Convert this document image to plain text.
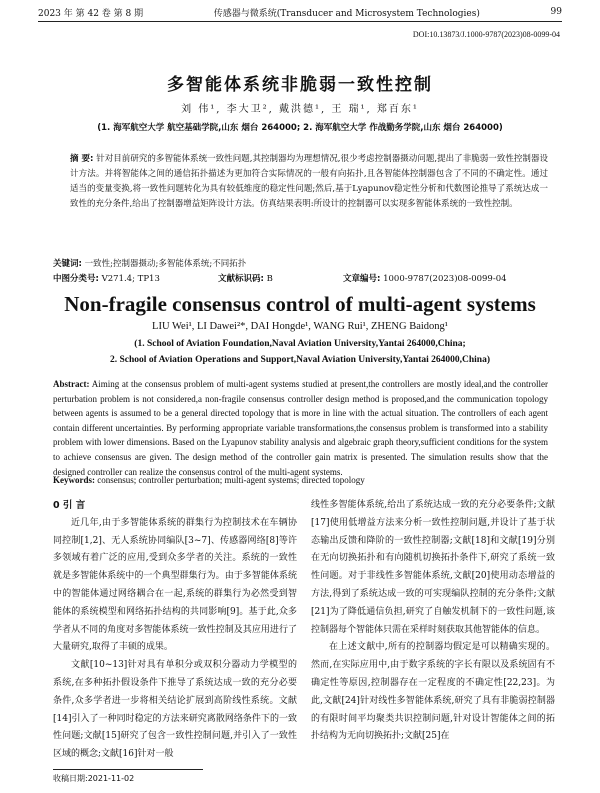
2023 年 第 42 卷 第 8 期	传感器与微系统(Transducer and Microsystem Technologies)	99
DOI:10.13873/J.1000-9787(2023)08-0099-04
多智能体系统非脆弱一致性控制
刘 伟¹, 李大卫², 戴洪德¹, 王 瑞¹, 郑百东¹
(1. 海军航空大学 航空基础学院,山东 烟台 264000; 2. 海军航空大学 作战勤务学院,山东 烟台 264000)
摘 要: 针对目前研究的多智能体系统一致性问题,其控制器均为理想情况,很少考虑控制器摄动问题,提出了非脆弱一致性控制器设计方法。并将智能体之间的通信拓扑描述为更加符合实际情况的一般有向拓扑,且各智能体控制器包含了不同的不确定性。通过适当的变量变换,将一致性问题转化为具有较低维度的稳定性问题;然后,基于Lyapunov稳定性分析和代数图论推导了系统达成一致性的充分条件,给出了控制器增益矩阵设计方法。仿真结果表明:所设计的控制器可以实现多智能体系统的一致性控制。
关键词: 一致性;控制器摄动;多智能体系统;不同拓扑
中图分类号: V271.4; TP13	文献标识码: B	文章编号: 1000-9787(2023)08-0099-04
Non-fragile consensus control of multi-agent systems
LIU Wei¹, LI Dawei²*, DAI Hongde¹, WANG Rui¹, ZHENG Baidong¹
(1. School of Aviation Foundation,Naval Aviation University,Yantai 264000,China;
2. School of Aviation Operations and Support,Naval Aviation University,Yantai 264000,China)
Abstract: Aiming at the consensus problem of multi-agent systems studied at present,the controllers are mostly ideal,and the controller perturbation problem is not considered,a non-fragile consensus controller design method is proposed,and the communication topology between agents is assumed to be a general directed topology that is more in line with the actual situation. The controllers of each agent contain different uncertainties. By performing appropriate variable transformations,the consensus problem is transformed into a stability problem with lower dimensions. Based on the Lyapunov stability analysis and algebraic graph theory,sufficient conditions for the system to achieve consensus are given. The design method of the controller gain matrix is presented. The simulation results show that the designed controller can realize the consensus control of the multi-agent systems.
Keywords: consensus; controller perturbation; multi-agent systems; directed topology

0 引 言

近几年,由于多智能体系统的群集行为控制技术在车辆协同控制[1,2]、无人系统协同编队[3~7]、传感器网络[8]等许多领域有着广泛的应用,受到众多学者的关注。系统的一致性就是多智能体系统中的一个典型群集行为。由于多智能体系统中的智能体通过网络耦合在一起,系统的群集行为必然受到智能体的系统模型和网络拓扑结构的共同影响[9]。基于此,众多学者从不同的角度对多智能体系统一致性控制及其应用进行了大量研究,取得了丰硕的成果。

文献[10~13]针对具有单积分或双积分器动力学模型的系统,在多种拓扑假设条件下推导了系统达成一致的充分必要条件,众多学者进一步将相关结论扩展到高阶线性系统。文献[14]引入了一种同时稳定的方法来研究离散网络条件下的一致性问题;文献[15]研究了包含一致性控制问题,并引入了一致性区域的概念;文献[16]针对一般

线性多智能体系统,给出了系统达成一致的充分必要条件;文献[17]使用低增益方法来分析一致性控制问题,并设计了基于状态输出反馈和降阶的一致性控制器;文献[18]和文献[19]分别在无向切换拓扑和有向随机切换拓扑条件下,研究了系统一致性问题。对于非线性多智能体系统,文献[20]使用动态增益的方法,得到了系统达成一致的可实现编队控制的充分条件;文献[21]为了降低通信负担,研究了自触发机制下的一致性问题,该控制器每个智能体只需在采样时刻获取其他智能体的信息。

在上述文献中,所有的控制器均假定是可以精确实现的。然而,在实际应用中,由于数字系统的字长有限以及系统固有不确定性等原因,控制器存在一定程度的不确定性[22,23]。为此,文献[24]针对线性多智能体系统,研究了具有非脆弱控制器的有限时间平均聚类共识控制问题,针对设计智能体之间的拓扑结构为无向切换拓扑;文献[25]在

收稿日期:2021-11-02
